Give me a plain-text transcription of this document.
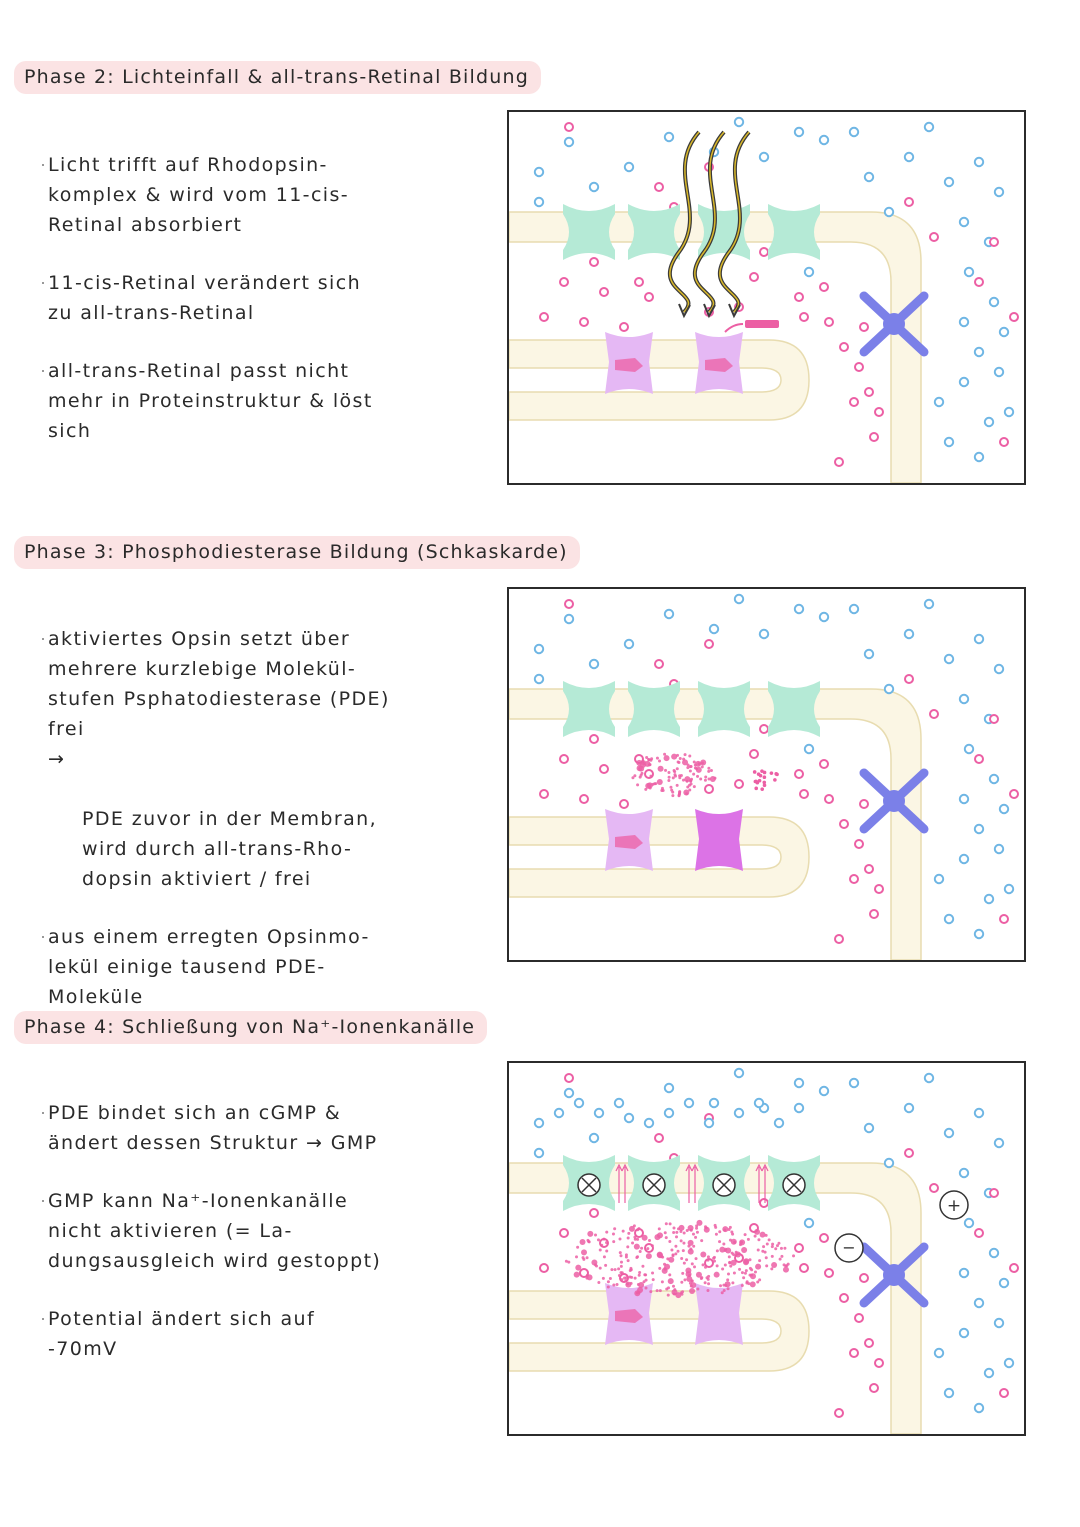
Phase 2: Lichteinfall & all-trans-Retinal Bildung
Licht trifft auf Rhodopsin-
komplex & wird vom 11-cis-
Retinal absorbiert
11-cis-Retinal verändert sich
zu all-trans-Retinal
all-trans-Retinal passt nicht
mehr in Proteinstruktur & löst
sich
Phase 3: Phosphodiesterase Bildung (Schkaskarde)
aktiviertes Opsin setzt über
mehrere kurzlebige Molekül-
stufen Psphatodiesterase (PDE)
frei

→

PDE zuvor in der Membran,
wird durch all-trans-Rho-
dopsin aktiviert / frei

aus einem erregten Opsinmo-
lekül einige tausend PDE-
Moleküle
Phase 4: Schließung von Na⁺-Ionenkanälle
PDE bindet sich an cGMP &
ändert dessen Struktur → GMP
GMP kann Na⁺-Ionenkanälle
nicht aktivieren (= La-
dungsausgleich wird gestoppt)
Potential ändert sich auf
-70mV
−
+
